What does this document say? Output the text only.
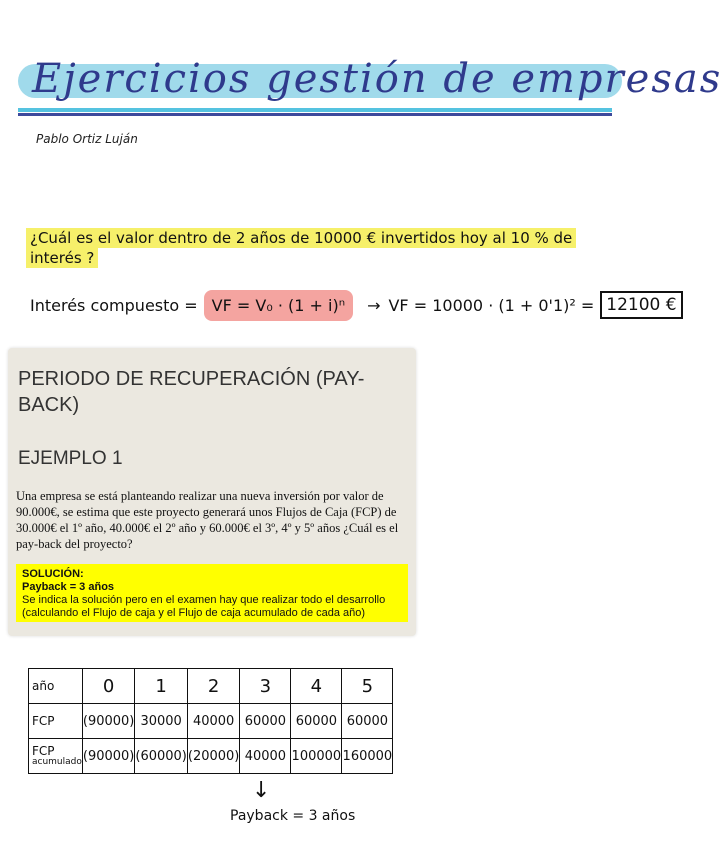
Ejercicios gestión de empresas
Pablo Ortiz Luján
¿Cuál es el valor dentro de 2 años de 10000 € invertidos hoy al 10 % de interés ?
Interés compuesto = VF = V₀ · (1 + i)ⁿ	→ VF = 10000 · (1 + 0'1)² = 12100 €
PERIODO DE RECUPERACIÓN (PAY-BACK)
EJEMPLO 1
Una empresa se está planteando realizar una nueva inversión por valor de 90.000€, se estima que este proyecto generará unos Flujos de Caja (FCP) de 30.000€ el 1º año, 40.000€ el 2º año y 60.000€ el 3º, 4º y 5º años ¿Cuál es el pay-back del proyecto?
SOLUCIÓN:
Payback = 3 años
Se indica la solución pero en el examen hay que realizar todo el desarrollo (calculando el Flujo de caja y el Flujo de caja acumulado de cada año)
año	0	1	2	3	4	5
FCP	(90000)	30000	40000	60000	60000	60000

FCP
acumulado	(90000)	(60000)	(20000)	40000	100000	160000
↓
Payback = 3 años
